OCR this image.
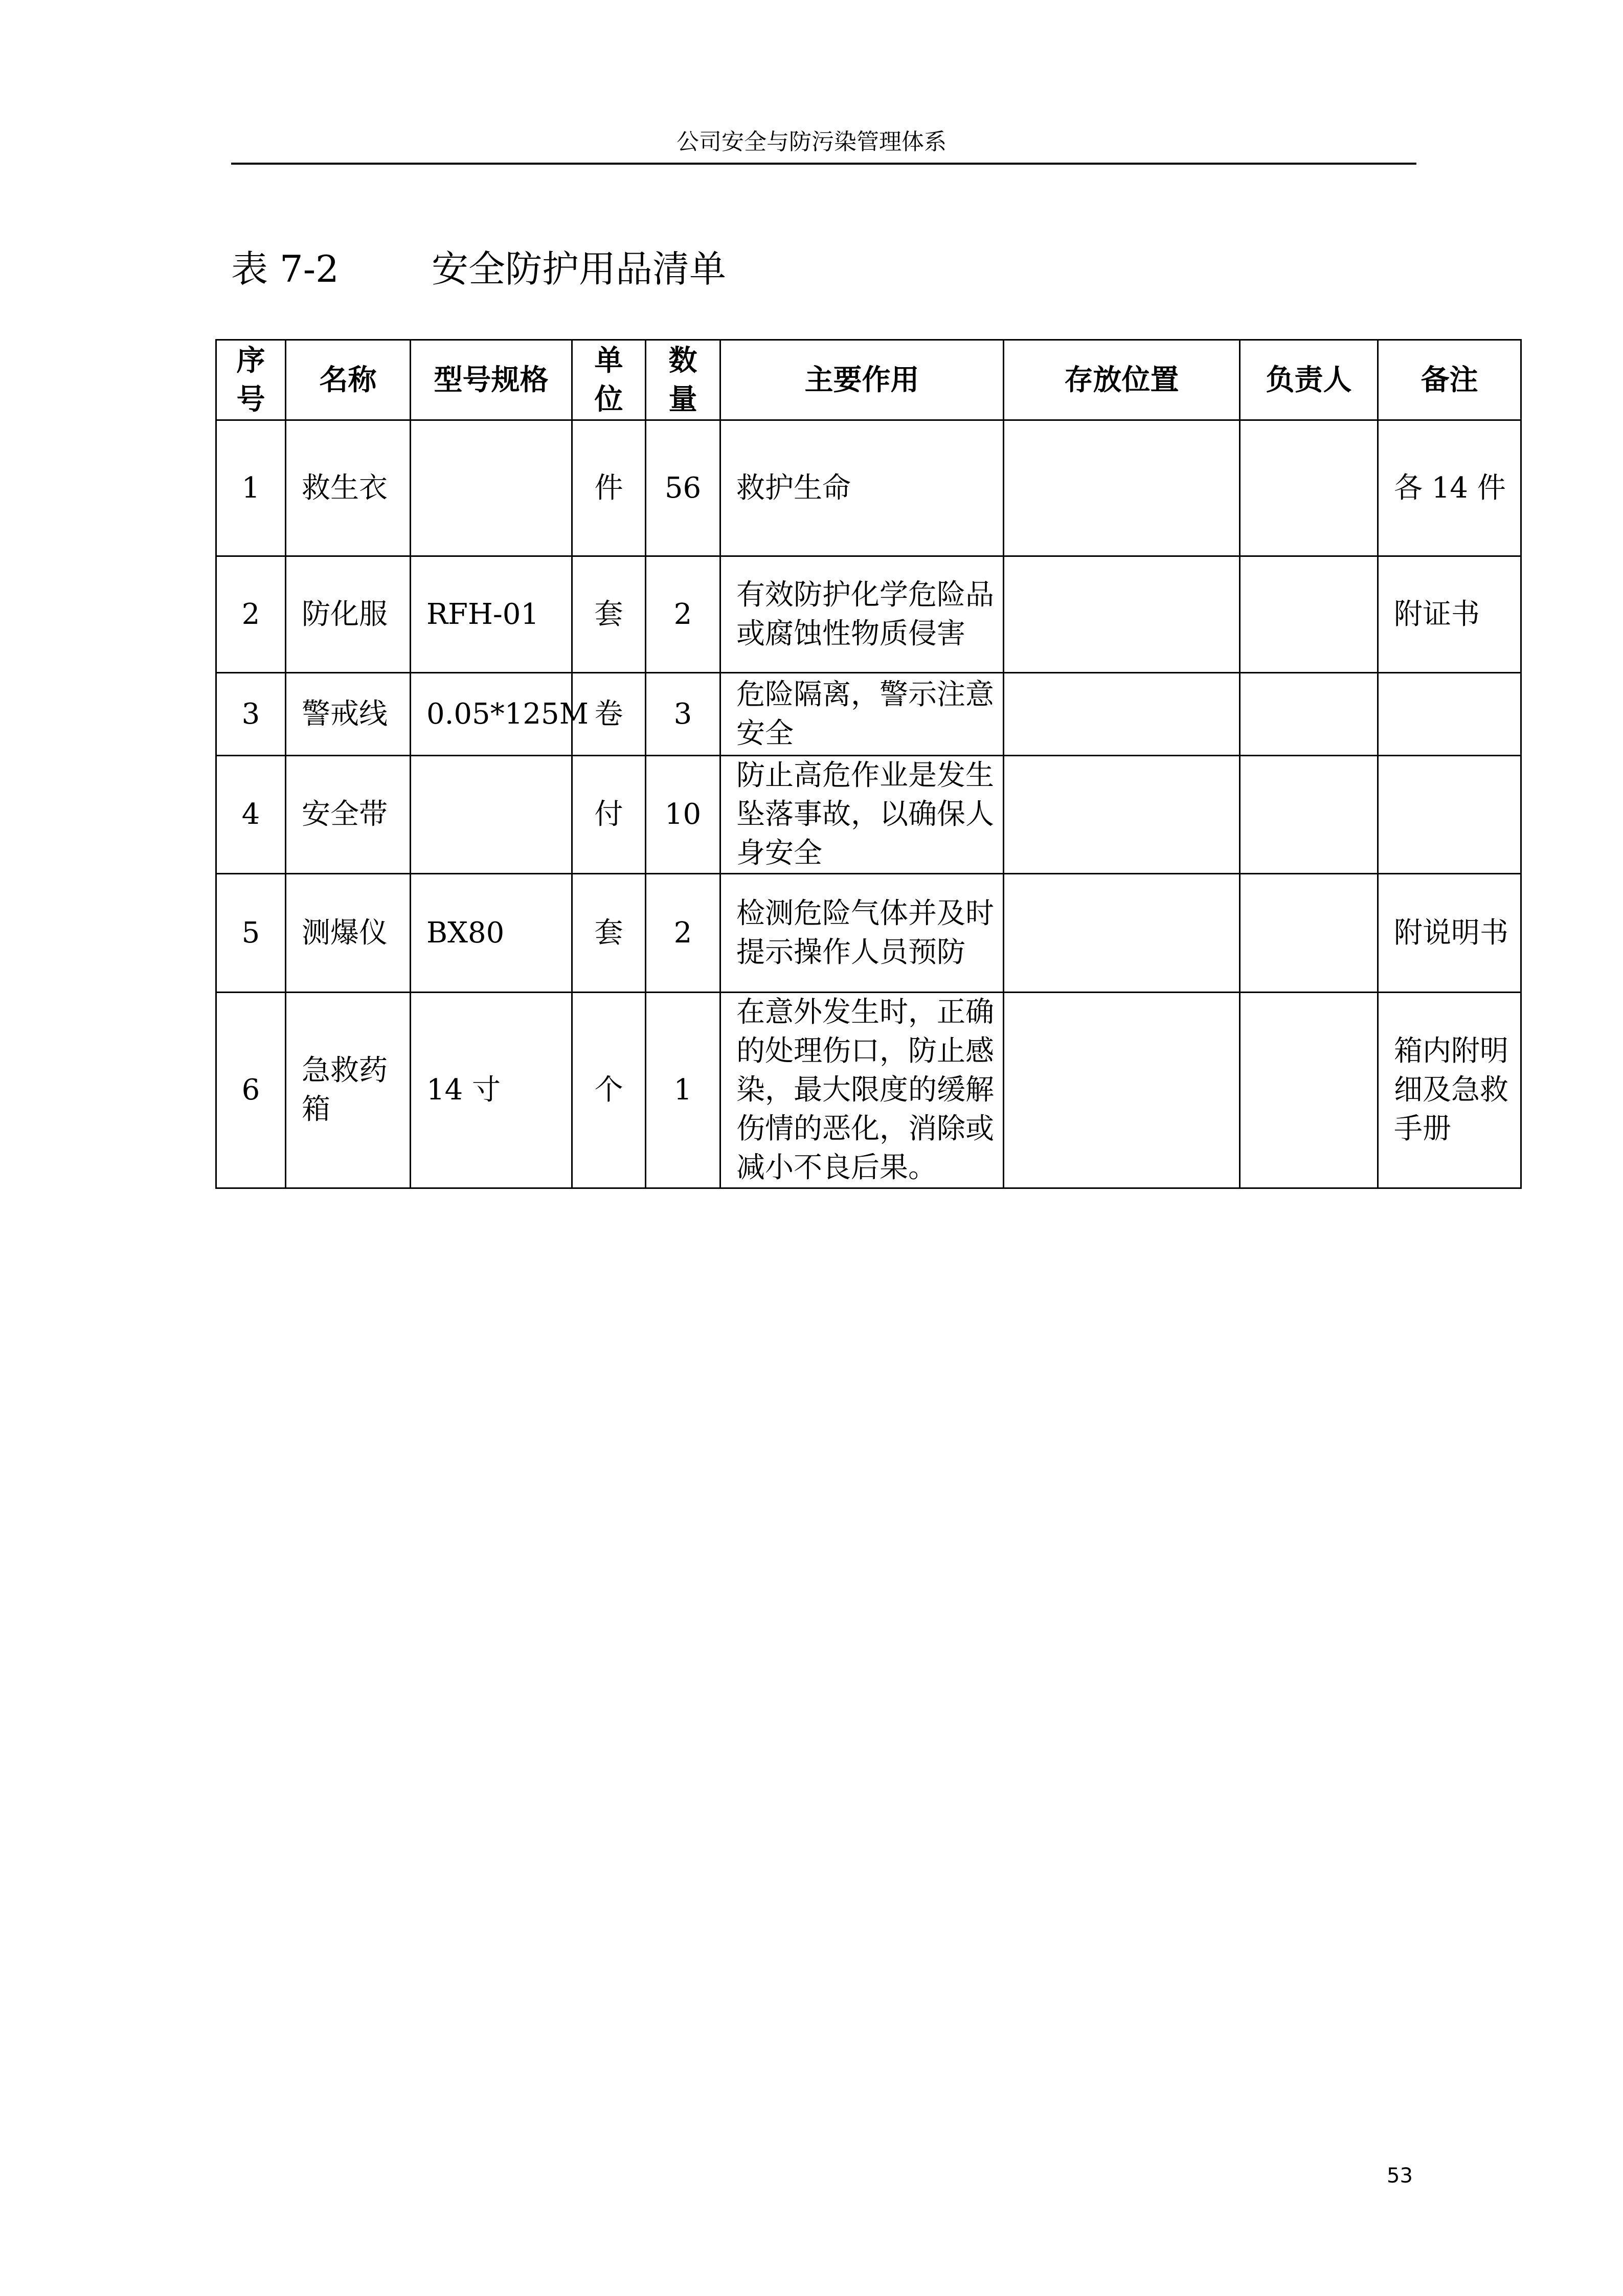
公司安全与防污染管理体系
表 7-2	安全防护用品清单
序号	名称	型号规格	单位	数量	主要作用	存放位置	负责人	备注
1	救生衣		件	56	救护生命			各 14 件
2	防化服	RFH-01	套	2	有效防护化学危险品或腐蚀性物质侵害			附证书
3	警戒线	0.05*125M	卷	3	危险隔离，警示注意安全			
4	安全带		付	10	防止高危作业是发生坠落事故，以确保人身安全			
5	测爆仪	BX80	套	2	检测危险气体并及时提示操作人员预防			附说明书
6	急救药箱	14 寸	个	1	在意外发生时，正确的处理伤口，防止感染，最大限度的缓解伤情的恶化，消除或减小不良后果。			箱内附明细及急救手册
53
